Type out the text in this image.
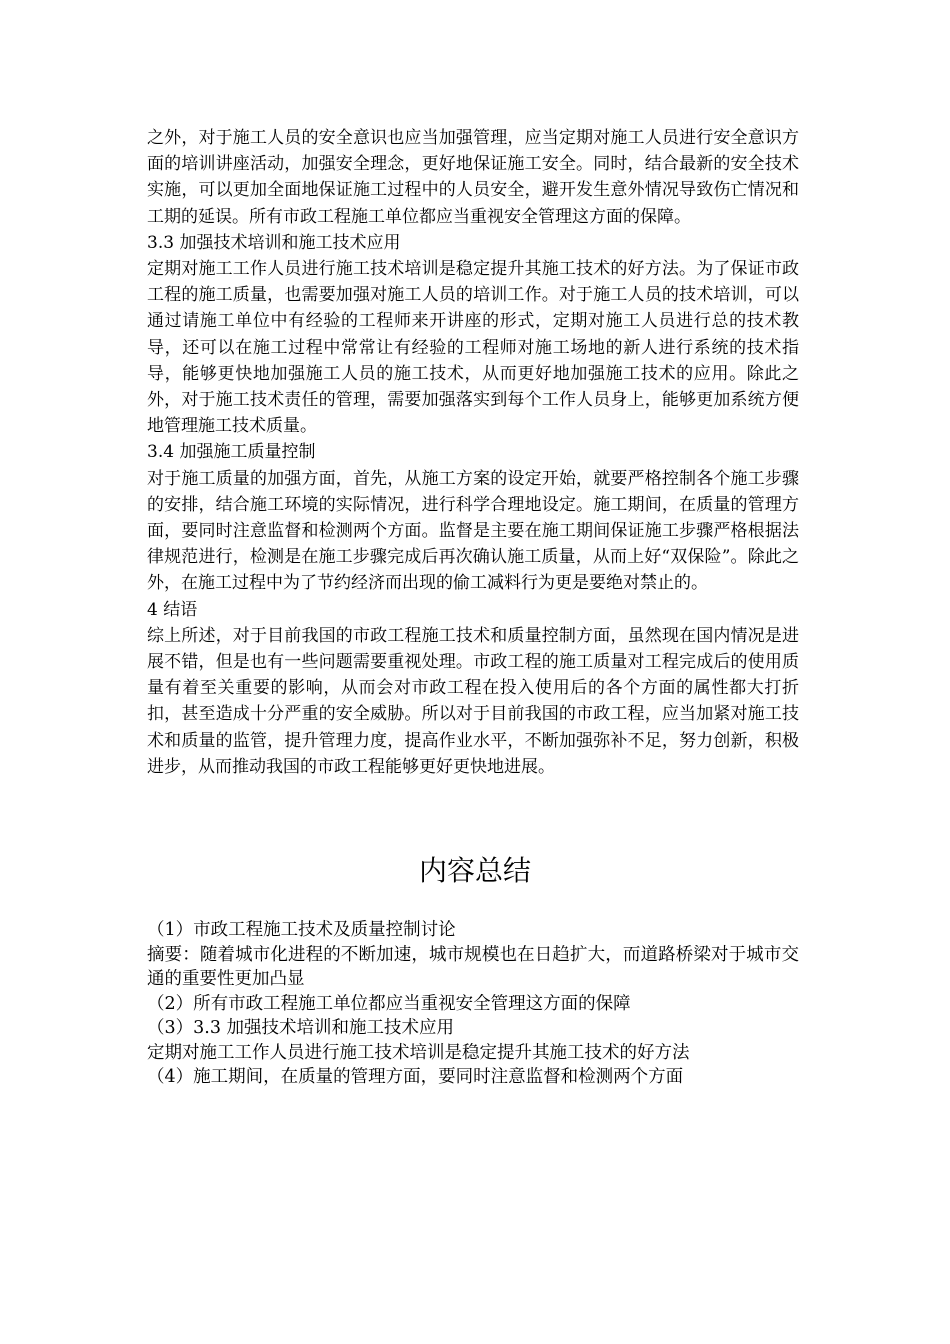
之外，对于施工人员的安全意识也应当加强管理，应当定期对施工人员进行安全意识方面的培训讲座活动，加强安全理念，更好地保证施工安全。同时，结合最新的安全技术实施，可以更加全面地保证施工过程中的人员安全，避开发生意外情况导致伤亡情况和工期的延误。所有市政工程施工单位都应当重视安全管理这方面的保障。

3.3 加强技术培训和施工技术应用

定期对施工工作人员进行施工技术培训是稳定提升其施工技术的好方法。为了保证市政工程的施工质量，也需要加强对施工人员的培训工作。对于施工人员的技术培训，可以通过请施工单位中有经验的工程师来开讲座的形式，定期对施工人员进行总的技术教导，还可以在施工过程中常常让有经验的工程师对施工场地的新人进行系统的技术指导，能够更快地加强施工人员的施工技术，从而更好地加强施工技术的应用。除此之外，对于施工技术责任的管理，需要加强落实到每个工作人员身上，能够更加系统方便地管理施工技术质量。

3.4 加强施工质量控制

对于施工质量的加强方面，首先，从施工方案的设定开始，就要严格控制各个施工步骤的安排，结合施工环境的实际情况，进行科学合理地设定。施工期间，在质量的管理方面，要同时注意监督和检测两个方面。监督是主要在施工期间保证施工步骤严格根据法律规范进行，检测是在施工步骤完成后再次确认施工质量，从而上好“双保险”。除此之外，在施工过程中为了节约经济而出现的偷工减料行为更是要绝对禁止的。

4 结语

综上所述，对于目前我国的市政工程施工技术和质量控制方面，虽然现在国内情况是进展不错，但是也有一些问题需要重视处理。市政工程的施工质量对工程完成后的使用质量有着至关重要的影响，从而会对市政工程在投入使用后的各个方面的属性都大打折扣，甚至造成十分严重的安全威胁。所以对于目前我国的市政工程，应当加紧对施工技术和质量的监管，提升管理力度，提高作业水平，不断加强弥补不足，努力创新，积极进步，从而推动我国的市政工程能够更好更快地进展。

内容总结
（1）市政工程施工技术及质量控制讨论
摘要：随着城市化进程的不断加速，城市规模也在日趋扩大，而道路桥梁对于城市交通的重要性更加凸显
（2）所有市政工程施工单位都应当重视安全管理这方面的保障
（3）3.3 加强技术培训和施工技术应用
定期对施工工作人员进行施工技术培训是稳定提升其施工技术的好方法
（4）施工期间，在质量的管理方面，要同时注意监督和检测两个方面
